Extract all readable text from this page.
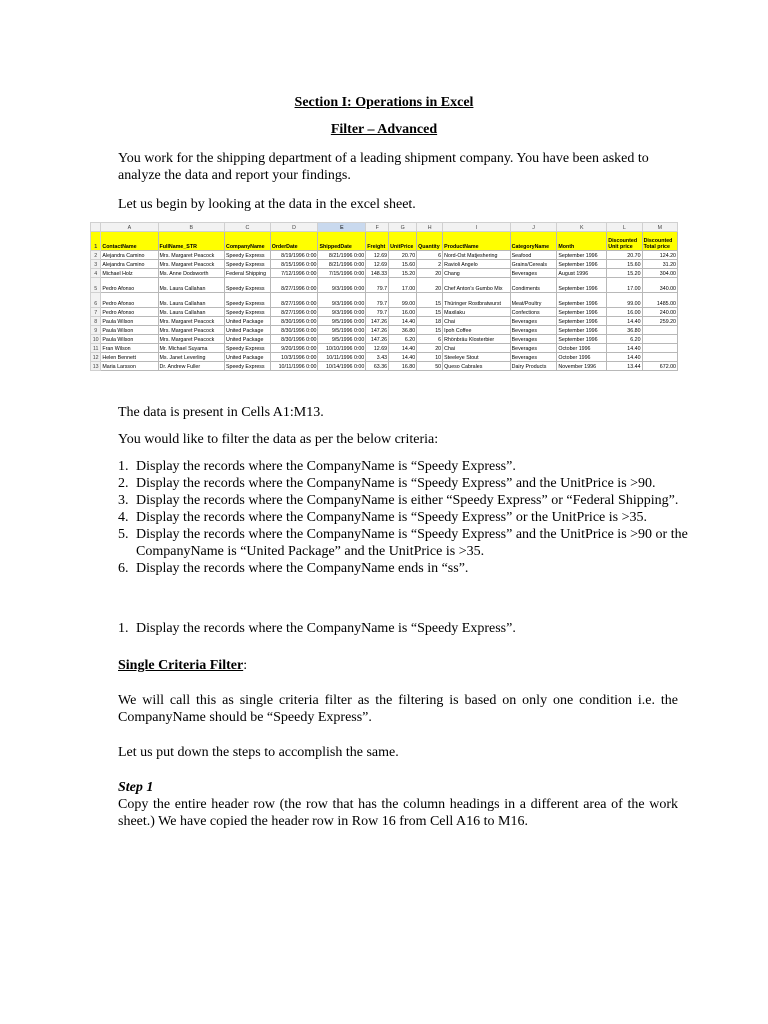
Section I: Operations in Excel
Filter – Advanced

You work for the shipping department of a leading shipment company. You have been asked to analyze the data and report your findings.

Let us begin by looking at the data in the excel sheet.

	A	B	C	D	E	F	G	H	I	J	K	L	M
1	ContactName	FullName_STR	CompanyName	OrderDate	ShippedDate	Freight	UnitPrice	Quantity	ProductName	CategoryName	Month	Discounted Unit price	Discounted Total price
2	Alejandra Camino	Mrs. Margaret Peacock	Speedy Express	8/19/1996 0:00	8/21/1996 0:00	12.69	20.70	6	Nord-Ost Matjeshering	Seafood	September 1996	20.70	124.20
3	Alejandra Camino	Mrs. Margaret Peacock	Speedy Express	8/15/1996 0:00	8/21/1996 0:00	12.69	15.60	2	Ravioli Angelo	Grains/Cereals	September 1996	15.60	31.20
4	Michael Holz	Ms. Anne Dodsworth	Federal Shipping	7/12/1996 0:00	7/15/1996 0:00	148.33	15.20	20	Chang	Beverages	August 1996	15.20	304.00
5	Pedro Afonso	Ms. Laura Callahan	Speedy Express	8/27/1996 0:00	9/3/1996 0:00	79.7	17.00	20	Chef Anton's Gumbo Mix	Condiments	September 1996	17.00	340.00
6	Pedro Afonso	Ms. Laura Callahan	Speedy Express	8/27/1996 0:00	9/3/1996 0:00	79.7	99.00	15	Thüringer Rostbratwurst	Meat/Poultry	September 1996	99.00	1485.00
7	Pedro Afonso	Ms. Laura Callahan	Speedy Express	8/27/1996 0:00	9/3/1996 0:00	79.7	16.00	15	Maxilaku	Confections	September 1996	16.00	240.00
8	Paula Wilson	Mrs. Margaret Peacock	United Package	8/30/1996 0:00	9/5/1996 0:00	147.26	14.40	18	Chai	Beverages	September 1996	14.40	259.20
9	Paula Wilson	Mrs. Margaret Peacock	United Package	8/30/1996 0:00	9/5/1996 0:00	147.26	36.80	15	Ipoh Coffee	Beverages	September 1996	36.80	
10	Paula Wilson	Mrs. Margaret Peacock	United Package	8/30/1996 0:00	9/5/1996 0:00	147.26	6.20	6	Rhönbräu Klosterbier	Beverages	September 1996	6.20	
11	Fran Wilson	Mr. Michael Suyama	Speedy Express	9/20/1996 0:00	10/10/1996 0:00	12.69	14.40	20	Chai	Beverages	October 1996	14.40	
12	Helen Bennett	Ms. Janet Leverling	United Package	10/3/1996 0:00	10/11/1996 0:00	3.43	14.40	10	Steeleye Stout	Beverages	October 1996	14.40	
13	Maria Larsson	Dr. Andrew Fuller	Speedy Express	10/11/1996 0:00	10/14/1996 0:00	63.36	16.80	50	Queso Cabrales	Dairy Products	November 1996	13.44	672.00

The data is present in Cells A1:M13.

You would like to filter the data as per the below criteria:

1. Display the records where the CompanyName is “Speedy Express”.
2. Display the records where the CompanyName is “Speedy Express” and the UnitPrice is >90.
3. Display the records where the CompanyName is either “Speedy Express” or “Federal Shipping”.
4. Display the records where the CompanyName is “Speedy Express” or the UnitPrice is >35.
5. Display the records where the CompanyName is “Speedy Express” and the UnitPrice is >90 or the CompanyName is “United Package” and the UnitPrice is >35.
6. Display the records where the CompanyName ends in “ss”.
1. Display the records where the CompanyName is “Speedy Express”.

Single Criteria Filter:

We will call this as single criteria filter as the filtering is based on only one condition i.e. the CompanyName should be “Speedy Express”.

Let us put down the steps to accomplish the same.

Step 1

Copy the entire header row (the row that has the column headings in a different area of the work sheet.) We have copied the header row in Row 16 from Cell A16 to M16.
